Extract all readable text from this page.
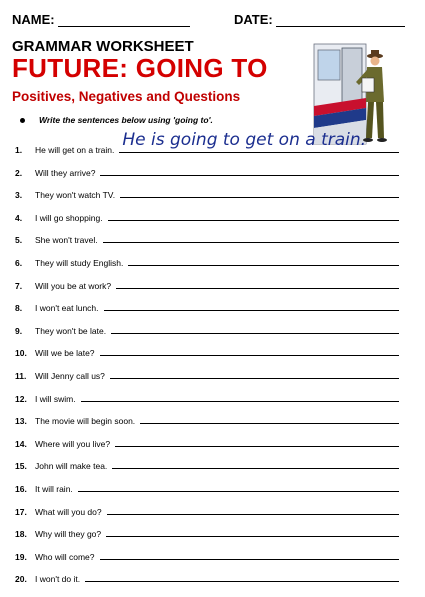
NAME:	DATE:
GRAMMAR WORKSHEET
FUTURE: GOING TO
Positives, Negatives and Questions
Write the sentences below using 'going to'.
1.	He will get on a train. He is going to get on a train.
2.	Will they arrive?
3.	They won't watch TV.
4.	I will go shopping.
5.	She won't travel.
6.	They will study English.
7.	Will you be at work?
8.	I won't eat lunch.
9.	They won't be late.
10. Will we be late?
11.	Will Jenny call us?
12. I will swim.
13. The movie will begin soon.
14. Where will you live?
15. John will make tea.
16. It will rain.
17. What will you do?
18. Why will they go?
19. Who will come?
20. I won't do it.
